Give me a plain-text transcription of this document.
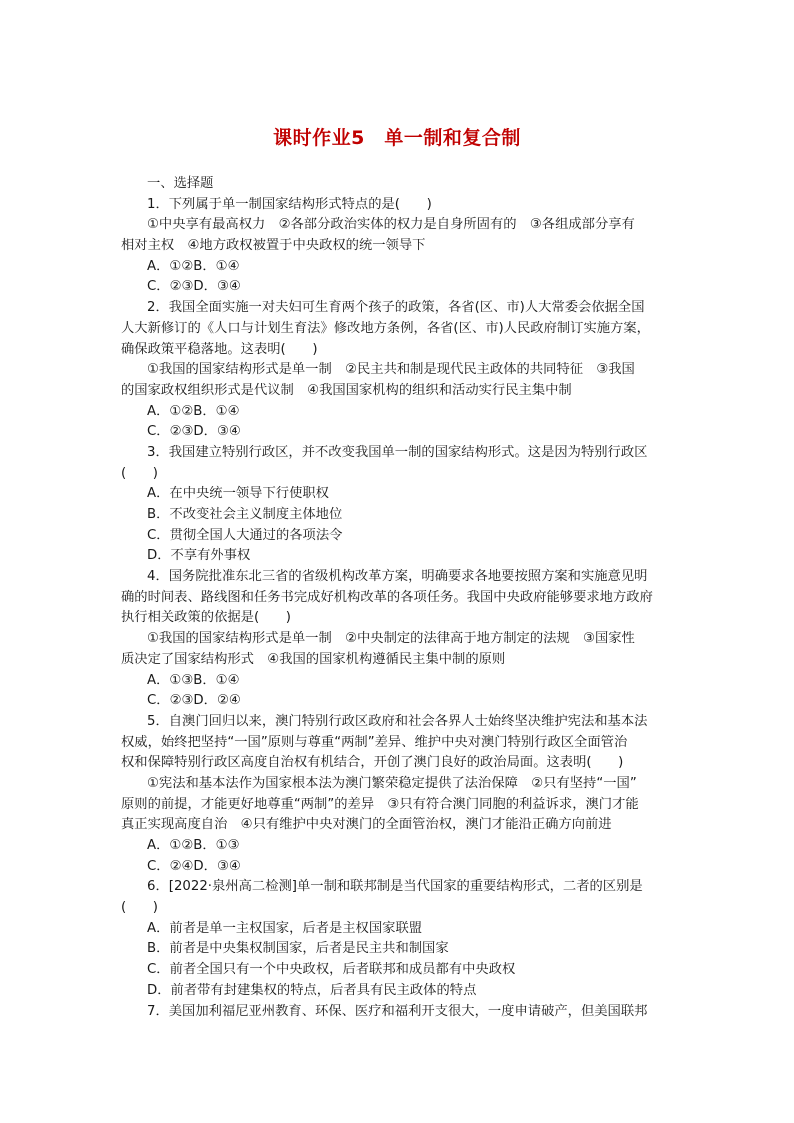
课时作业5　单一制和复合制
一、选择题
1．下列属于单一制国家结构形式特点的是(　　)
①中央享有最高权力　②各部分政治实体的权力是自身所固有的　③各组成部分享有
相对主权　④地方政权被置于中央政权的统一领导下
A．①②B．①④
C．②③D．③④
2．我国全面实施一对夫妇可生育两个孩子的政策，各省(区、市)人大常委会依据全国
人大新修订的《人口与计划生育法》修改地方条例，各省(区、市)人民政府制订实施方案，
确保政策平稳落地。这表明(　　)
①我国的国家结构形式是单一制　②民主共和制是现代民主政体的共同特征　③我国
的国家政权组织形式是代议制　④我国国家机构的组织和活动实行民主集中制
A．①②B．①④
C．②③D．③④
3．我国建立特别行政区，并不改变我国单一制的国家结构形式。这是因为特别行政区
(　　)
A．在中央统一领导下行使职权
B．不改变社会主义制度主体地位
C．贯彻全国人大通过的各项法令
D．不享有外事权
4．国务院批准东北三省的省级机构改革方案，明确要求各地要按照方案和实施意见明
确的时间表、路线图和任务书完成好机构改革的各项任务。我国中央政府能够要求地方政府
执行相关政策的依据是(　　)
①我国的国家结构形式是单一制　②中央制定的法律高于地方制定的法规　③国家性
质决定了国家结构形式　④我国的国家机构遵循民主集中制的原则
A．①③B．①④
C．②③D．②④
5．自澳门回归以来，澳门特别行政区政府和社会各界人士始终坚决维护宪法和基本法
权威，始终把坚持“一国”原则与尊重“两制”差异、维护中央对澳门特别行政区全面管治
权和保障特别行政区高度自治权有机结合，开创了澳门良好的政治局面。这表明(　　)
①宪法和基本法作为国家根本法为澳门繁荣稳定提供了法治保障　②只有坚持“一国”
原则的前提，才能更好地尊重“两制”的差异　③只有符合澳门同胞的利益诉求，澳门才能
真正实现高度自治　④只有维护中央对澳门的全面管治权，澳门才能沿正确方向前进
A．①②B．①③
C．②④D．③④
6．[2022·泉州高二检测]单一制和联邦制是当代国家的重要结构形式，二者的区别是
(　　)
A．前者是单一主权国家，后者是主权国家联盟
B．前者是中央集权制国家，后者是民主共和制国家
C．前者全国只有一个中央政权，后者联邦和成员都有中央政权
D．前者带有封建集权的特点，后者具有民主政体的特点
7．美国加利福尼亚州教育、环保、医疗和福利开支很大，一度申请破产，但美国联邦
